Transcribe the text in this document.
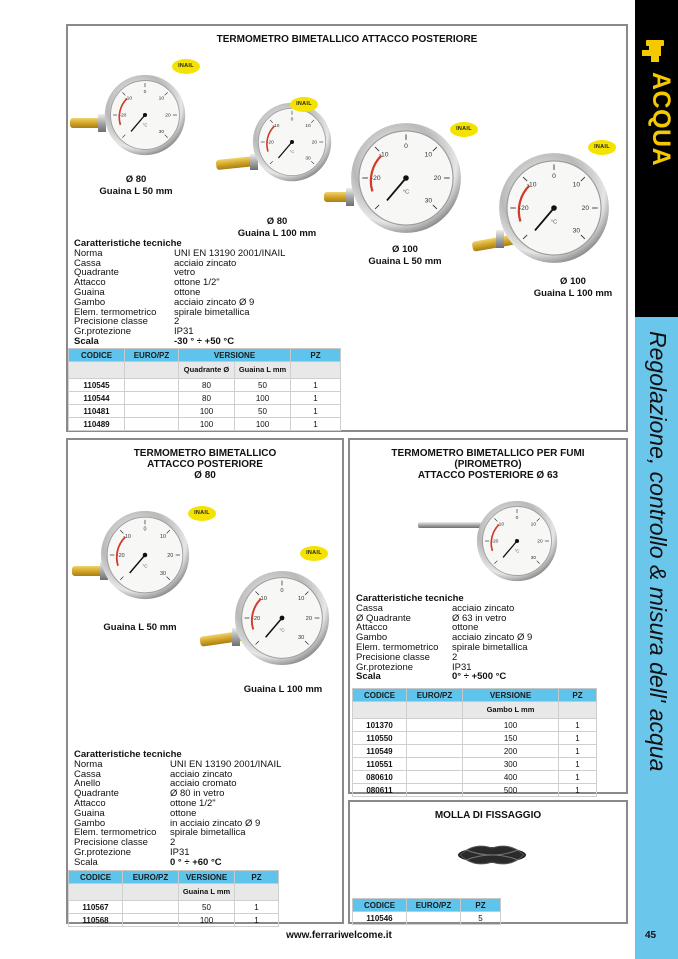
TERMOMETRO BIMETALLICO ATTACCO POSTERIORE
INAIL
Ø 80
Guaina L 50 mm
INAIL
Ø 80
Guaina L 100 mm
INAIL
Ø 100
Guaina L 50 mm
INAIL
Ø 100
Guaina L 100 mm
Caratteristiche tecniche
Norma	UNI EN 13190 2001/INAIL
Cassa	acciaio zincato
Quadrante	vetro
Attacco	ottone 1/2"
Guaina	ottone
Gambo	acciaio zincato Ø 9
Elem. termometrico	spirale bimetallica
Precisione classe	2
Gr.protezione	IP31
Scala	-30 ° ÷ +50 °C
CODICE	EURO/PZ	VERSIONE		PZ
		Quadrante Ø	Guaina L mm	
110545		80	50	1
110544		80	100	1
110481		100	50	1
110489		100	100	1
TERMOMETRO BIMETALLICO
ATTACCO POSTERIORE
Ø 80
INAIL
Guaina L 50 mm
INAIL
Guaina L 100 mm
Caratteristiche tecniche
Norma	UNI EN 13190 2001/INAIL
Cassa	acciaio zincato
Anello	acciaio cromato
Quadrante	Ø 80 in vetro
Attacco	ottone 1/2"
Guaina	ottone
Gambo	in acciaio zincato Ø 9
Elem. termometrico	spirale bimetallica
Precisione classe	2
Gr.protezione	IP31
Scala	0 ° ÷ +60 °C
CODICE	EURO/PZ	VERSIONE	PZ
		Guaina L mm	
110567		50	1
110568		100	1
TERMOMETRO BIMETALLICO PER FUMI
(PIROMETRO)
ATTACCO POSTERIORE Ø 63
Caratteristiche tecniche
Cassa	acciaio zincato
Ø Quadrante	Ø 63 in vetro
Attacco	ottone
Gambo	acciaio zincato Ø 9
Elem. termometrico	spirale bimetallica
Precisione classe	2
Gr.protezione	IP31
Scala	0° ÷ +500 °C
CODICE	EURO/PZ	VERSIONE	PZ
		Gambo L mm	
101370		100	1
110550		150	1
110549		200	1
110551		300	1
080610		400	1
080611		500	1
MOLLA DI FISSAGGIO
CODICE	EURO/PZ	PZ
110546		5
ACQUA
Regolazione, controllo & misura dell' acqua
www.ferrariwelcome.it	45
